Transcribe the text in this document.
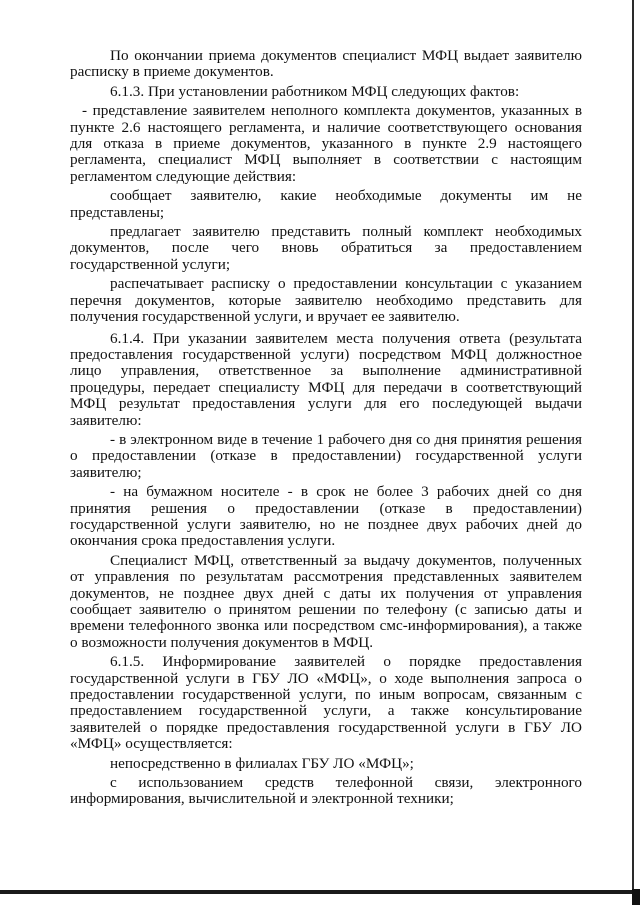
По окончании приема документов специалист МФЦ выдает заявителю расписку в приеме документов.

6.1.3. При установлении работником МФЦ следующих фактов:

- представление заявителем неполного комплекта документов, указанных в пункте 2.6 настоящего регламента, и наличие соответствующего основания для отказа в приеме документов, указанного в пункте 2.9 настоящего регламента, специалист МФЦ выполняет в соответствии с настоящим регламентом следующие действия:

сообщает заявителю, какие необходимые документы им не представлены;

предлагает заявителю представить полный комплект необходимых документов, после чего вновь обратиться за предоставлением государственной услуги;

распечатывает расписку о предоставлении консультации с указанием перечня документов, которые заявителю необходимо представить для получения государственной услуги, и вручает ее заявителю.

6.1.4. При указании заявителем места получения ответа (результата предоставления государственной услуги) посредством МФЦ должностное лицо управления, ответственное за выполнение административной процедуры, передает специалисту МФЦ для передачи в соответствующий МФЦ результат предоставления услуги для его последующей выдачи заявителю:

- в электронном виде в течение 1 рабочего дня со дня принятия решения о предоставлении (отказе в предоставлении) государственной услуги заявителю;

- на бумажном носителе - в срок не более 3 рабочих дней со дня принятия решения о предоставлении (отказе в предоставлении) государственной услуги заявителю, но не позднее двух рабочих дней до окончания срока предоставления услуги.

Специалист МФЦ, ответственный за выдачу документов, полученных от управления по результатам рассмотрения представленных заявителем документов, не позднее двух дней с даты их получения от управления сообщает заявителю о принятом решении по телефону (с записью даты и времени телефонного звонка или посредством смс-информирования), а также о возможности получения документов в МФЦ.

6.1.5. Информирование заявителей о порядке предоставления государственной услуги в ГБУ ЛО «МФЦ», о ходе выполнения запроса о предоставлении государственной услуги, по иным вопросам, связанным с предоставлением государственной услуги, а также консультирование заявителей о порядке предоставления государственной услуги в ГБУ ЛО «МФЦ» осуществляется:

непосредственно в филиалах ГБУ ЛО «МФЦ»;

с использованием средств телефонной связи, электронного информирования, вычислительной и электронной техники;
